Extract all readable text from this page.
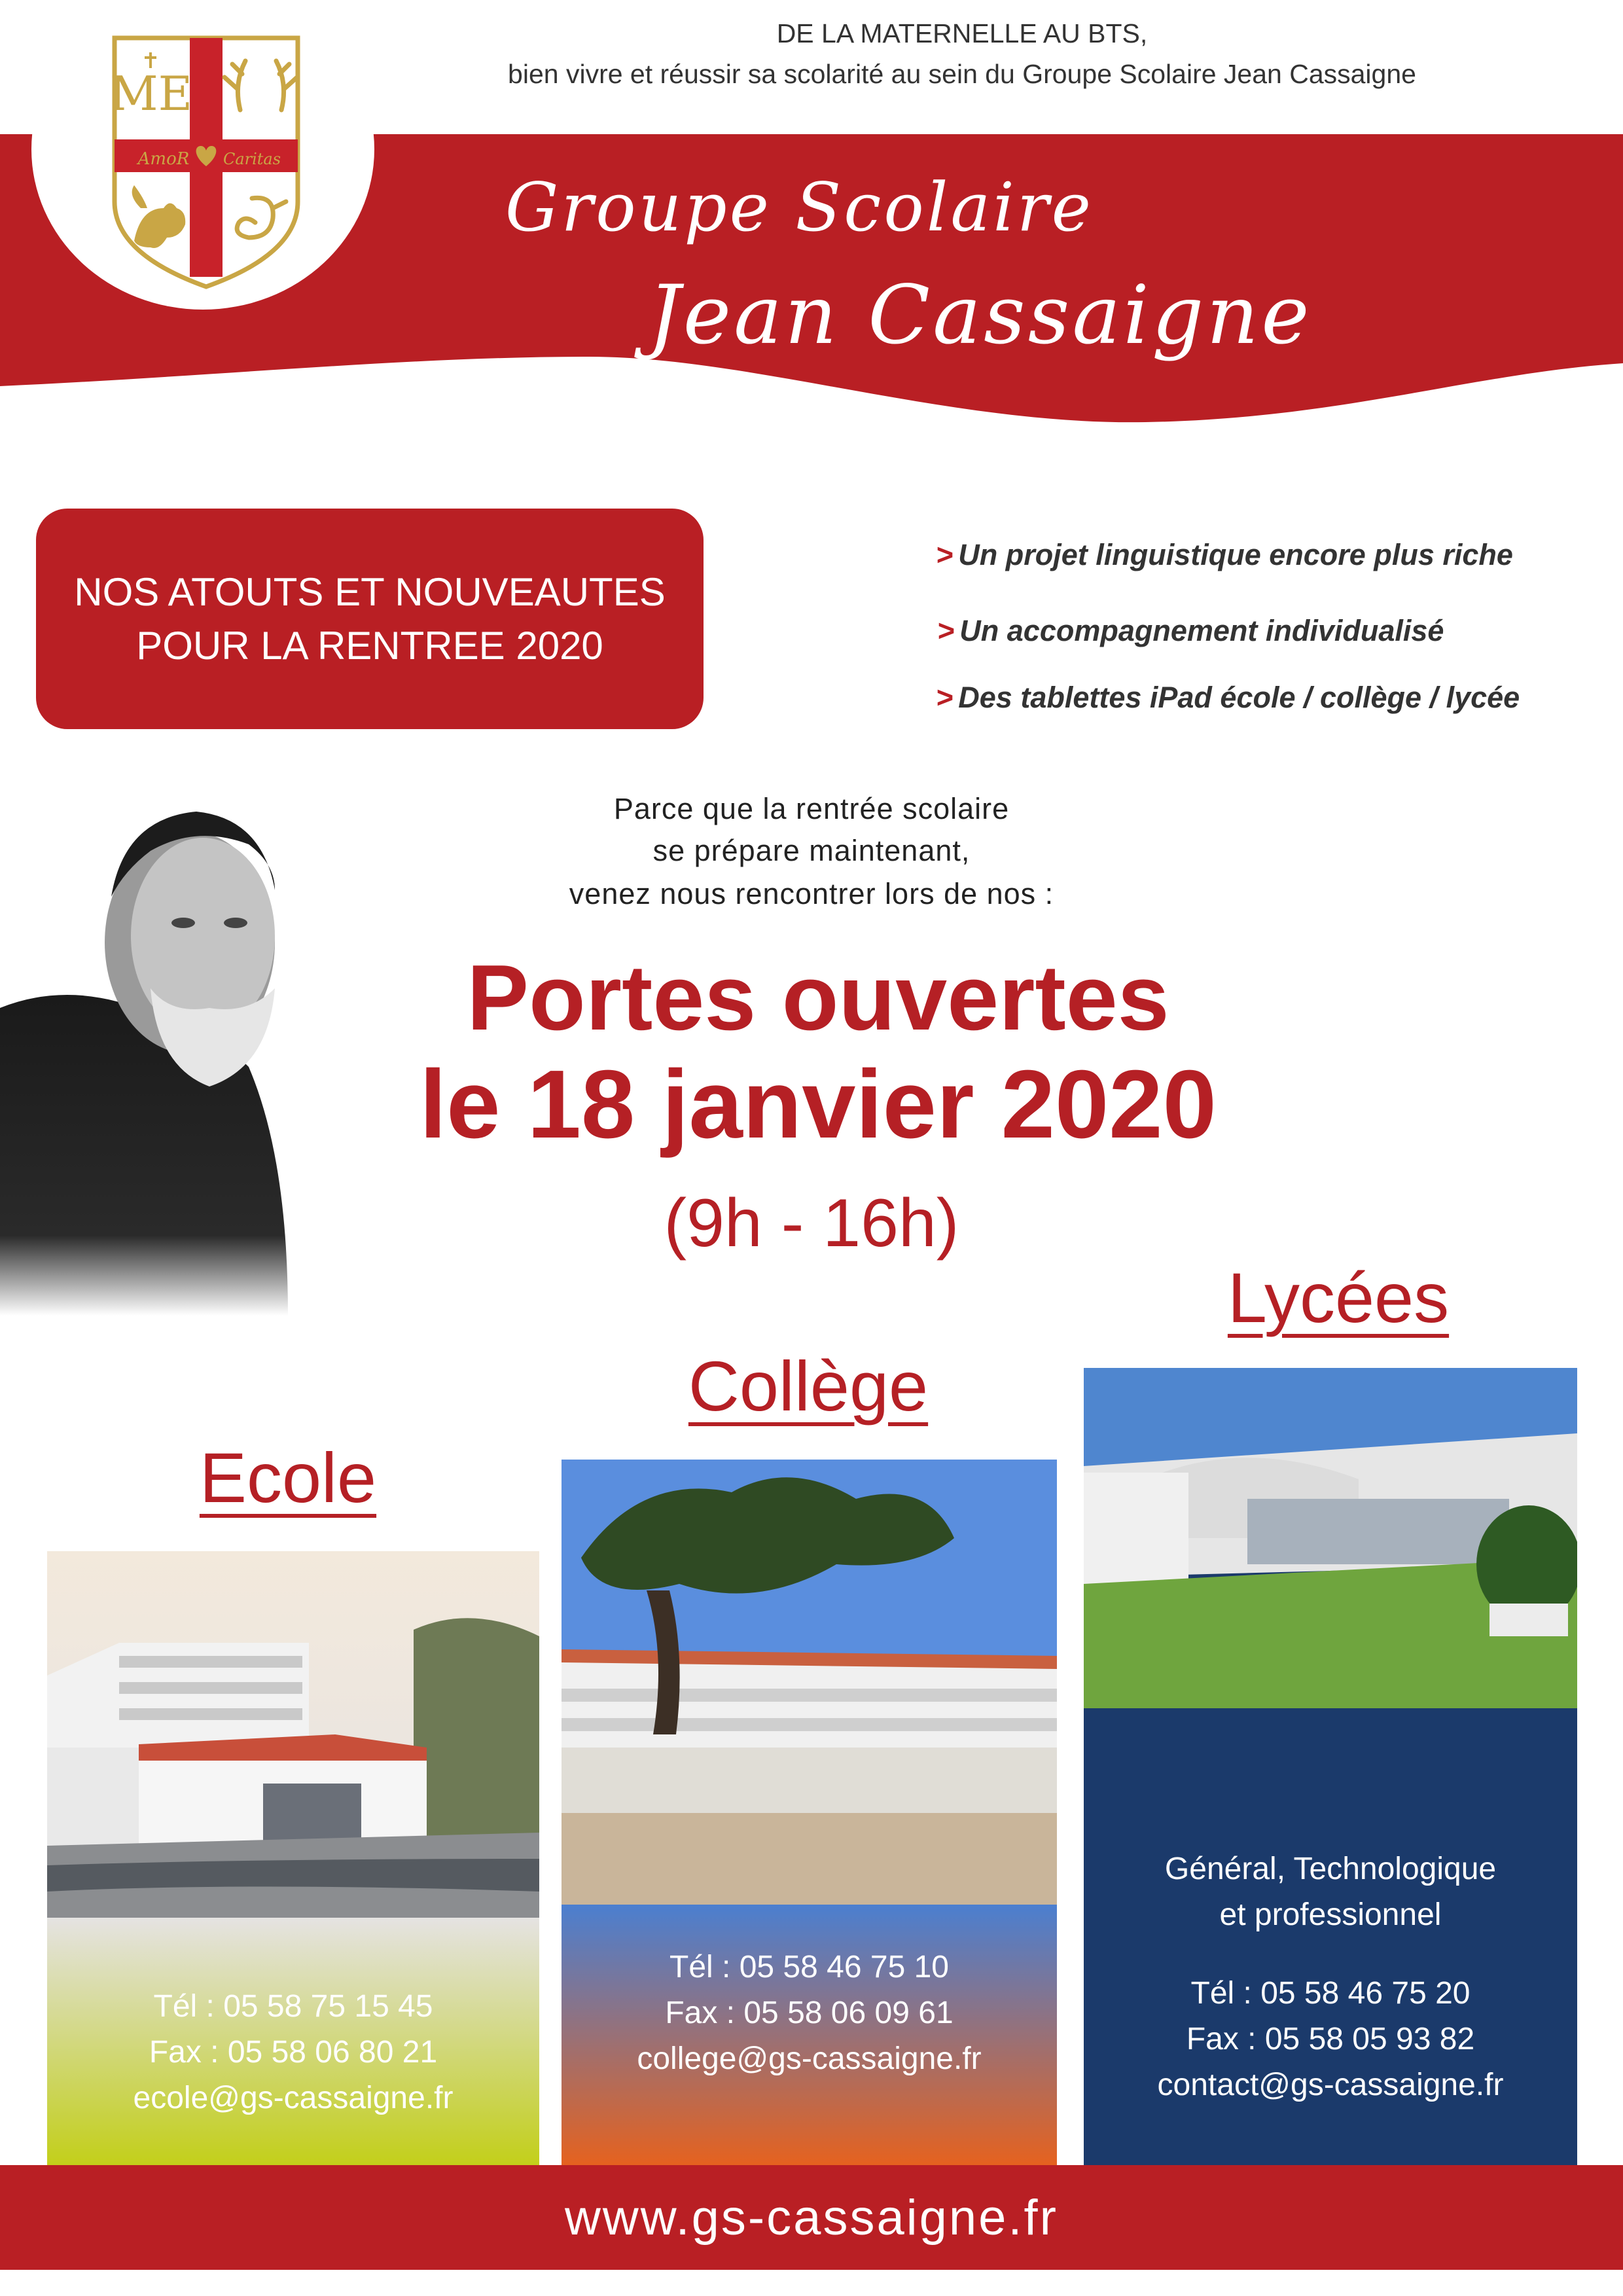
DE LA MATERNELLE AU BTS,
bien vivre et réussir sa scolarité au sein du Groupe Scolaire Jean Cassaigne
ME
AmoR Caritas
Groupe Scolaire
Jean Cassaigne
NOS ATOUTS ET NOUVEAUTES
POUR LA RENTREE 2020
> Un projet linguistique encore plus riche
> Un accompagnement individualisé
> Des tablettes iPad école / collège / lycée
Parce que la rentrée scolaire
se prépare maintenant,
venez nous rencontrer lors de nos :
Portes ouvertes
le 18 janvier 2020
(9h - 16h)
Ecole
Collège
Lycées
Tél : 05 58 75 15 45
Fax : 05 58 06 80 21
ecole@gs-cassaigne.fr
Tél : 05 58 46 75 10
Fax : 05 58 06 09 61
college@gs-cassaigne.fr
Général, Technologique
et professionnel
Tél : 05 58 46 75 20
Fax : 05 58 05 93 82
contact@gs-cassaigne.fr
www.gs-cassaigne.fr
